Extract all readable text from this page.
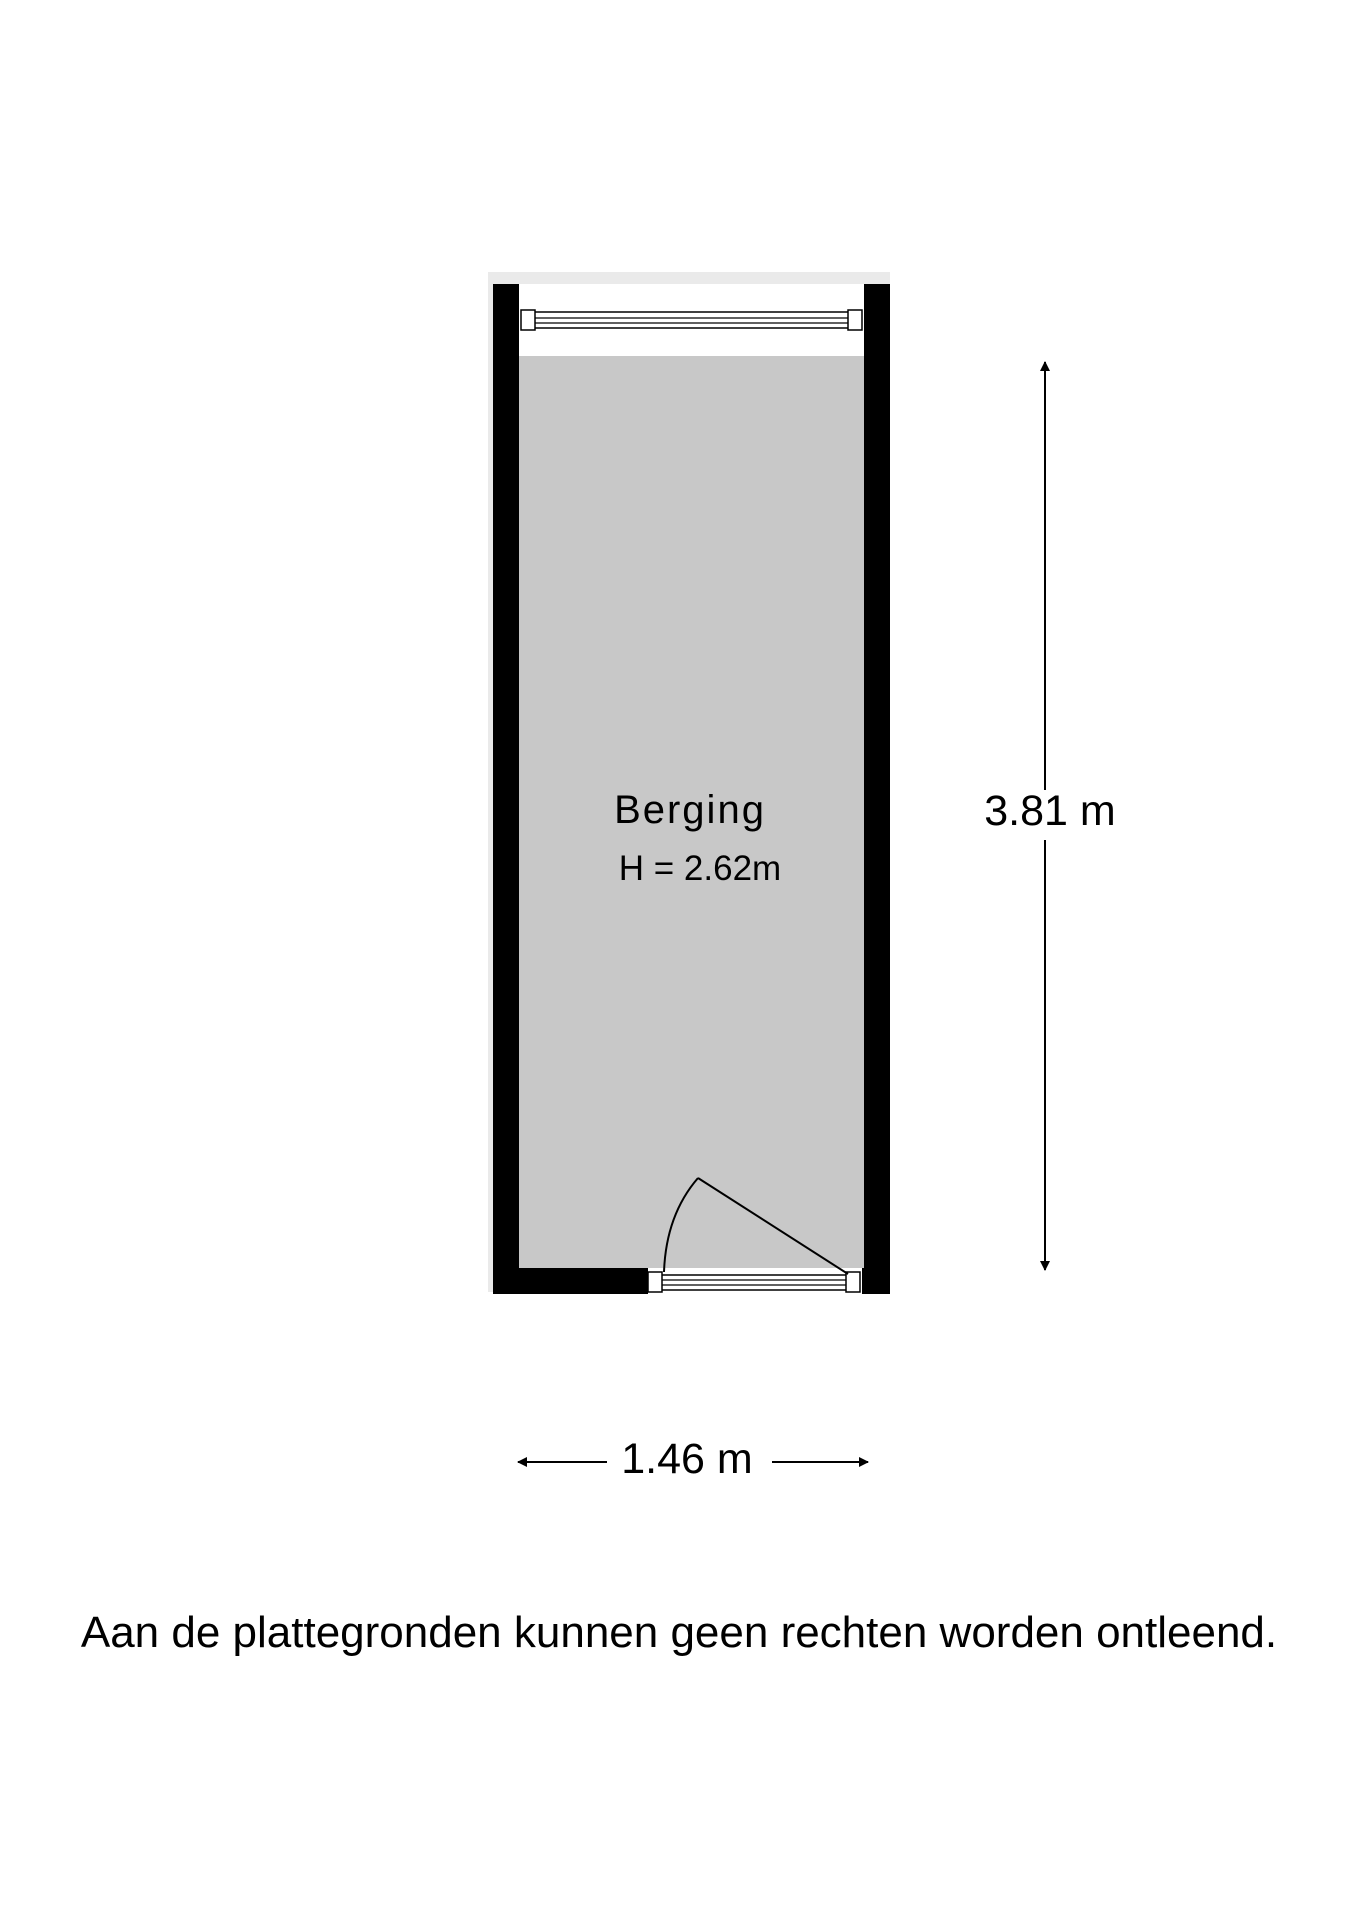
Berging
H = 2.62m
3.81 m
1.46 m
Aan de plattegronden kunnen geen rechten worden ontleend.
